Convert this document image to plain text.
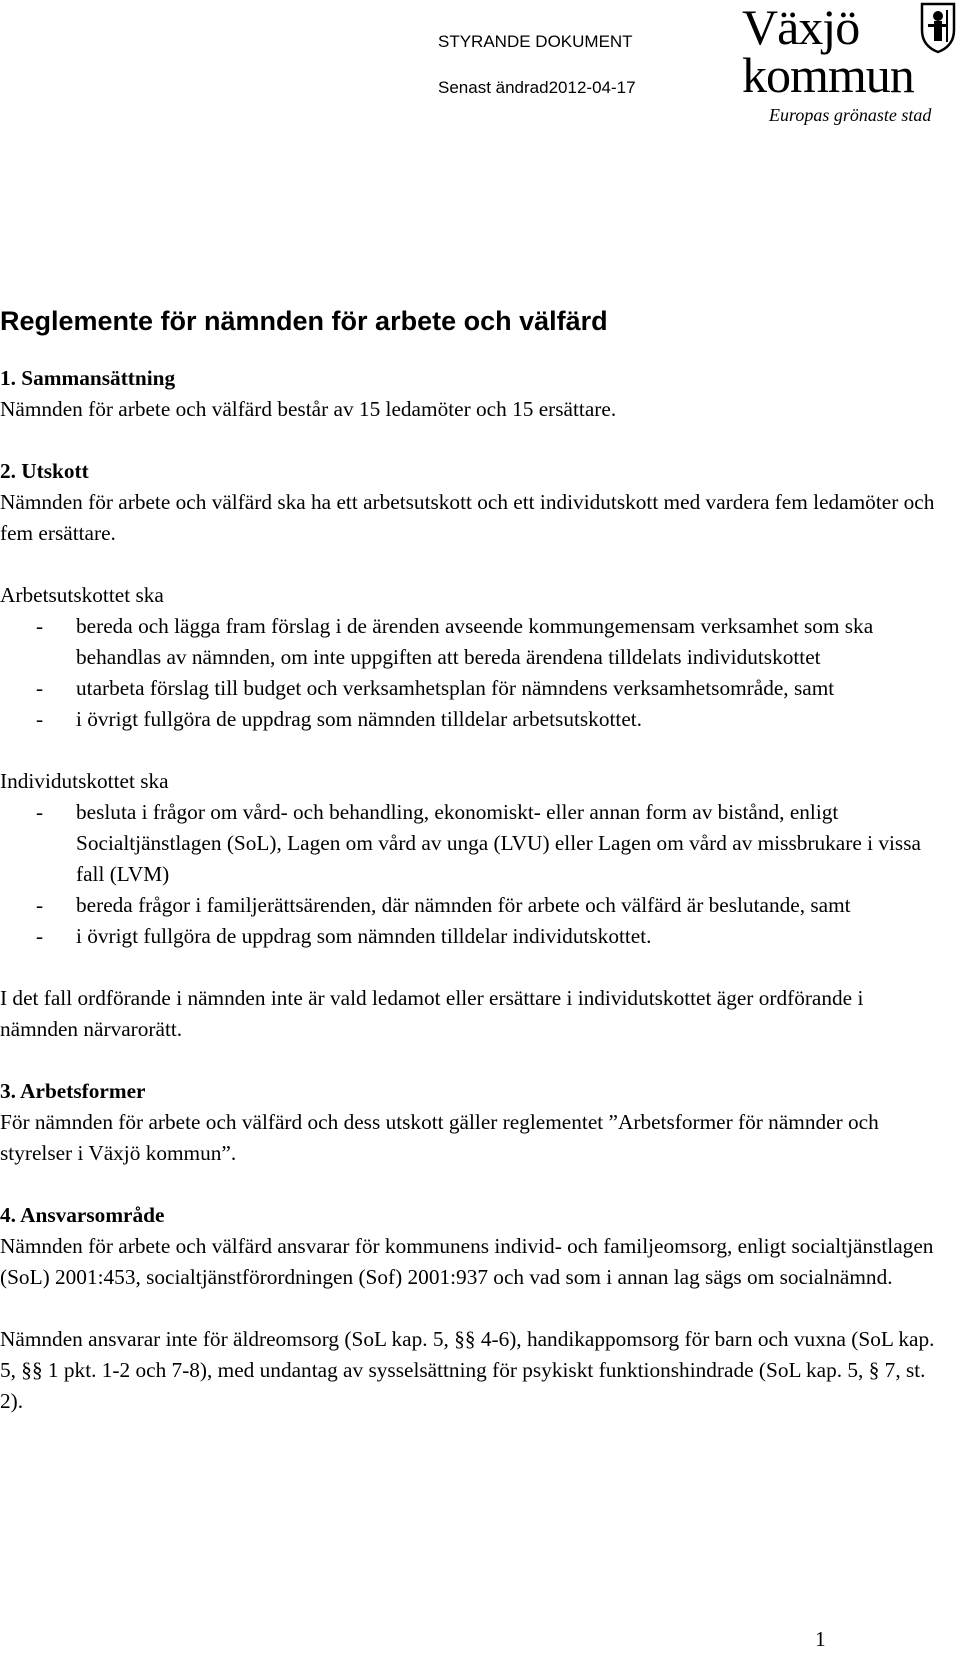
STYRANDE DOKUMENT
Senast ändrad2012-04-17
Växjö
kommun
Europas grönaste stad
Reglemente för nämnden för arbete och välfärd

1. Sammansättning

Nämnden för arbete och välfärd består av 15 ledamöter och 15 ersättare.

2. Utskott

Nämnden för arbete och välfärd ska ha ett arbetsutskott och ett individutskott med vardera fem ledamöter och fem ersättare.

Arbetsutskottet ska

- bereda och lägga fram förslag i de ärenden avseende kommungemensam verksamhet som ska behandlas av nämnden, om inte uppgiften att bereda ärendena tilldelats individutskottet
- utarbeta förslag till budget och verksamhetsplan för nämndens verksamhetsområde, samt
- i övrigt fullgöra de uppdrag som nämnden tilldelar arbetsutskottet.

Individutskottet ska

- besluta i frågor om vård- och behandling, ekonomiskt- eller annan form av bistånd, enligt Socialtjänstlagen (SoL), Lagen om vård av unga (LVU) eller Lagen om vård av missbrukare i vissa fall (LVM)
- bereda frågor i familjerättsärenden, där nämnden för arbete och välfärd är beslutande, samt
- i övrigt fullgöra de uppdrag som nämnden tilldelar individutskottet.

I det fall ordförande i nämnden inte är vald ledamot eller ersättare i individutskottet äger ordförande i nämnden närvarorätt.

3. Arbetsformer

För nämnden för arbete och välfärd och dess utskott gäller reglementet ”Arbetsformer för nämnder och styrelser i Växjö kommun”.

4. Ansvarsområde

Nämnden för arbete och välfärd ansvarar för kommunens individ- och familjeomsorg, enligt socialtjänstlagen (SoL) 2001:453, socialtjänstförordningen (Sof) 2001:937 och vad som i annan lag sägs om socialnämnd.

Nämnden ansvarar inte för äldreomsorg (SoL kap. 5, §§ 4-6), handikappomsorg för barn och vuxna (SoL kap. 5, §§ 1 pkt. 1-2 och 7-8), med undantag av sysselsättning för psykiskt funktionshindrade (SoL kap. 5, § 7, st. 2).

1
